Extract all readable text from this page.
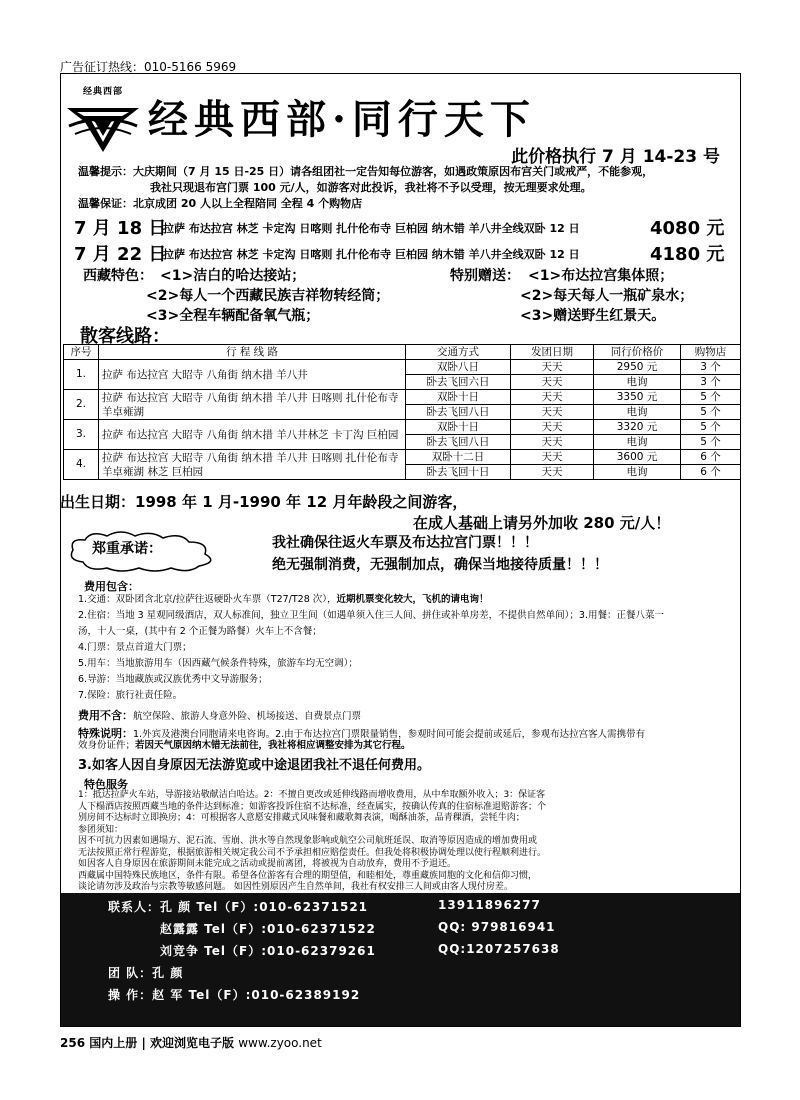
广告征订热线：010-5166 5969
经典西部
经典西部·同行天下
此价格执行 7 月 14-23 号
温馨提示：大庆期间（7 月 15 日-25 日）请各组团社一定告知每位游客，如遇政策原因布宫关门或戒严，不能参观，
我社只现退布宫门票 100 元/人，如游客对此投诉，我社将不予以受理，按无理要求处理。
温馨保证：北京成团 20 人以上全程陪同 全程 4 个购物店
7 月 18 日
拉萨 布达拉宫 林芝 卡定沟 日喀则 扎什伦布寺 巨柏园 纳木错 羊八井全线双卧 12 日	4080 元
7 月 22 日
拉萨 布达拉宫 林芝 卡定沟 日喀则 扎什伦布寺 巨柏园 纳木错 羊八井全线双卧 12 日	4180 元
西藏特色： <1>洁白的哈达接站；
<2>每人一个西藏民族吉祥物转经筒；
<3>全程车辆配备氧气瓶；
特别赠送： <1>布达拉宫集体照；
<2>每天每人一瓶矿泉水；
<3>赠送野生红景天。
散客线路：
序号	行 程 线 路	交通方式	发团日期	同行价格价	购物店
1.	拉萨 布达拉宫 大昭寺 八角街 纳木措 羊八井	双卧八日	天天	2950 元	3 个
		卧去飞回六日	天天	电询	3 个
2.	拉萨 布达拉宫 大昭寺 八角街 纳木措 羊八井 日喀则 扎什伦布寺 羊卓雍湖	双卧十日	天天	3350 元	5 个
		卧去飞回八日	天天	电询	5 个
3.	拉萨 布达拉宫 大昭寺 八角街 纳木措 羊八井林芝 卡丁沟 巨柏园	双卧十日	天天	3320 元	5 个
		卧去飞回八日	天天	电询	5 个
4.	拉萨 布达拉宫 大昭寺 八角街 纳木措 羊八井 日喀则 扎什伦布寺 羊卓雍湖 林芝 巨柏园	双卧十二日	天天	3600 元	6 个
		卧去飞回十日	天天	电询	6 个
出生日期：1998 年 1 月-1990 年 12 月年龄段之间游客，
在成人基础上请另外加收 280 元/人！
郑重承诺：	我社确保往返火车票及布达拉宫门票！！！
绝无强制消费，无强制加点，确保当地接待质量！！！
费用包含：
1.交通：双卧团含北京/拉萨往返硬卧火车票（T27/T28 次），近期机票变化较大，飞机的请电询！
2.住宿：当地 3 星观同级酒店，双人标准间，独立卫生间（如遇单须入住三人间、拼住或补单房差，不提供自然单间）；3.用餐：正餐八菜一
汤，十人一桌，(其中有 2 个正餐为路餐）火车上不含餐；
4.门票：景点首道大门票；
5.用车：当地旅游用车（因西藏气候条件特殊，旅游车均无空调）；
6.导游：当地藏族或汉族优秀中文导游服务；
7.保险：旅行社责任险。
费用不含：航空保险、旅游人身意外险、机场接送、自费景点门票
特殊说明：1.外宾及港澳台同胞请来电咨询。2.由于布达拉宫门票限量销售，参观时间可能会提前或延后，参观布达拉宫客人需携带有
效身份证件；若因天气原因纳木错无法前往，我社将相应调整安排为其它行程。
3.如客人因自身原因无法游览或中途退团我社不退任何费用。
特色服务
1：抵达拉萨火车站，导游接站敬献洁白哈达。2：不擅自更改或延伸线路而增收费用，从中牟取额外收入；3：保证客
人下榻酒店按照西藏当地的条件达到标准；如游客投诉住宿不达标准，经查属实，按确认传真的住宿标准退赔游客；个
别房间不达标时立即换房；4：可根据客人意愿安排藏式风味餐和藏歌舞表演，喝酥油茶，品青稞酒，尝牦牛肉；
参团须知：
因不可抗力因素如遇塌方、泥石流、雪崩、洪水等自然现象影响或航空公司航班延误、取消等原因造成的增加费用或
无法按照正常行程游览，根据旅游相关规定我公司不予承担相应赔偿责任。但我处将积极协调处理以使行程顺利进行。
如因客人自身原因在旅游期间未能完成之活动或提前离团，将被视为自动放弃，费用不予退还。
联系人：孔 颜 Tel（F）:010-62371521	13911896277
赵露露 Tel（F）:010-62371522	QQ: 979816941
刘竞争 Tel（F）:010-62379261	QQ:1207257638
团 队：孔 颜
操 作：赵 军 Tel（F）:010-62389192
256 国内上册 | 欢迎浏览电子版 www.zyoo.net
西藏属中国特殊民族地区，条件有限。希望各位游客有合理的期望值，和睦相处，尊重藏族同胞的文化和信仰习惯，
谈论请勿涉及政治与宗教等敏感问题。 如因性别原因产生自然单间，我社有权安排三人间或由客人现付房差。
